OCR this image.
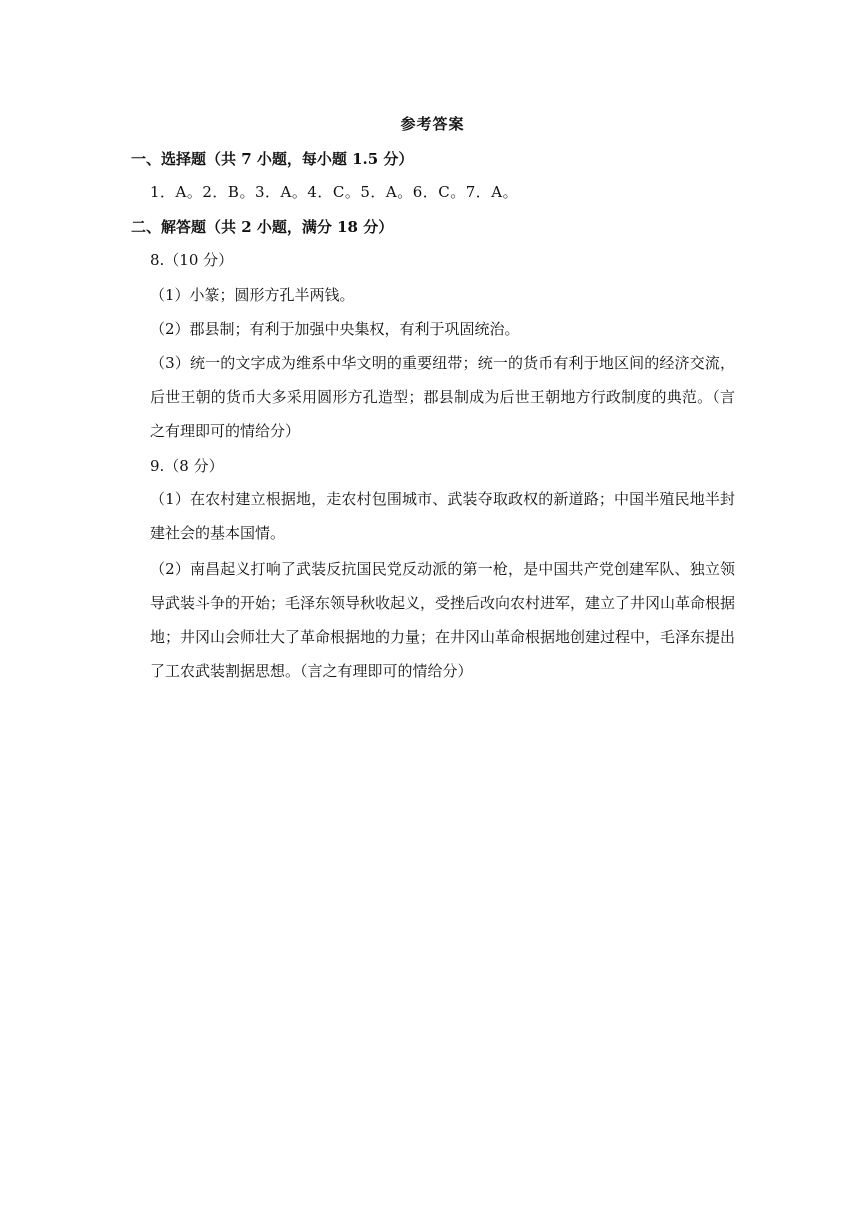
参考答案
一、选择题（共 7 小题，每小题 1.5 分）
1．A。2．B。3．A。4．C。5．A。6．C。7．A。
二、解答题（共 2 小题，满分 18 分）
8.（10 分）
（1）小篆；圆形方孔半两钱。
（2）郡县制；有利于加强中央集权，有利于巩固统治。
（3）统一的文字成为维系中华文明的重要纽带；统一的货币有利于地区间的经济交流，后世王朝的货币大多采用圆形方孔造型；郡县制成为后世王朝地方行政制度的典范。（言之有理即可的情给分）
9.（8 分）
（1）在农村建立根据地，走农村包围城市、武装夺取政权的新道路；中国半殖民地半封建社会的基本国情。
（2）南昌起义打响了武装反抗国民党反动派的第一枪，是中国共产党创建军队、独立领导武装斗争的开始；毛泽东领导秋收起义，受挫后改向农村进军，建立了井冈山革命根据地；井冈山会师壮大了革命根据地的力量；在井冈山革命根据地创建过程中，毛泽东提出了工农武装割据思想。（言之有理即可的情给分）
